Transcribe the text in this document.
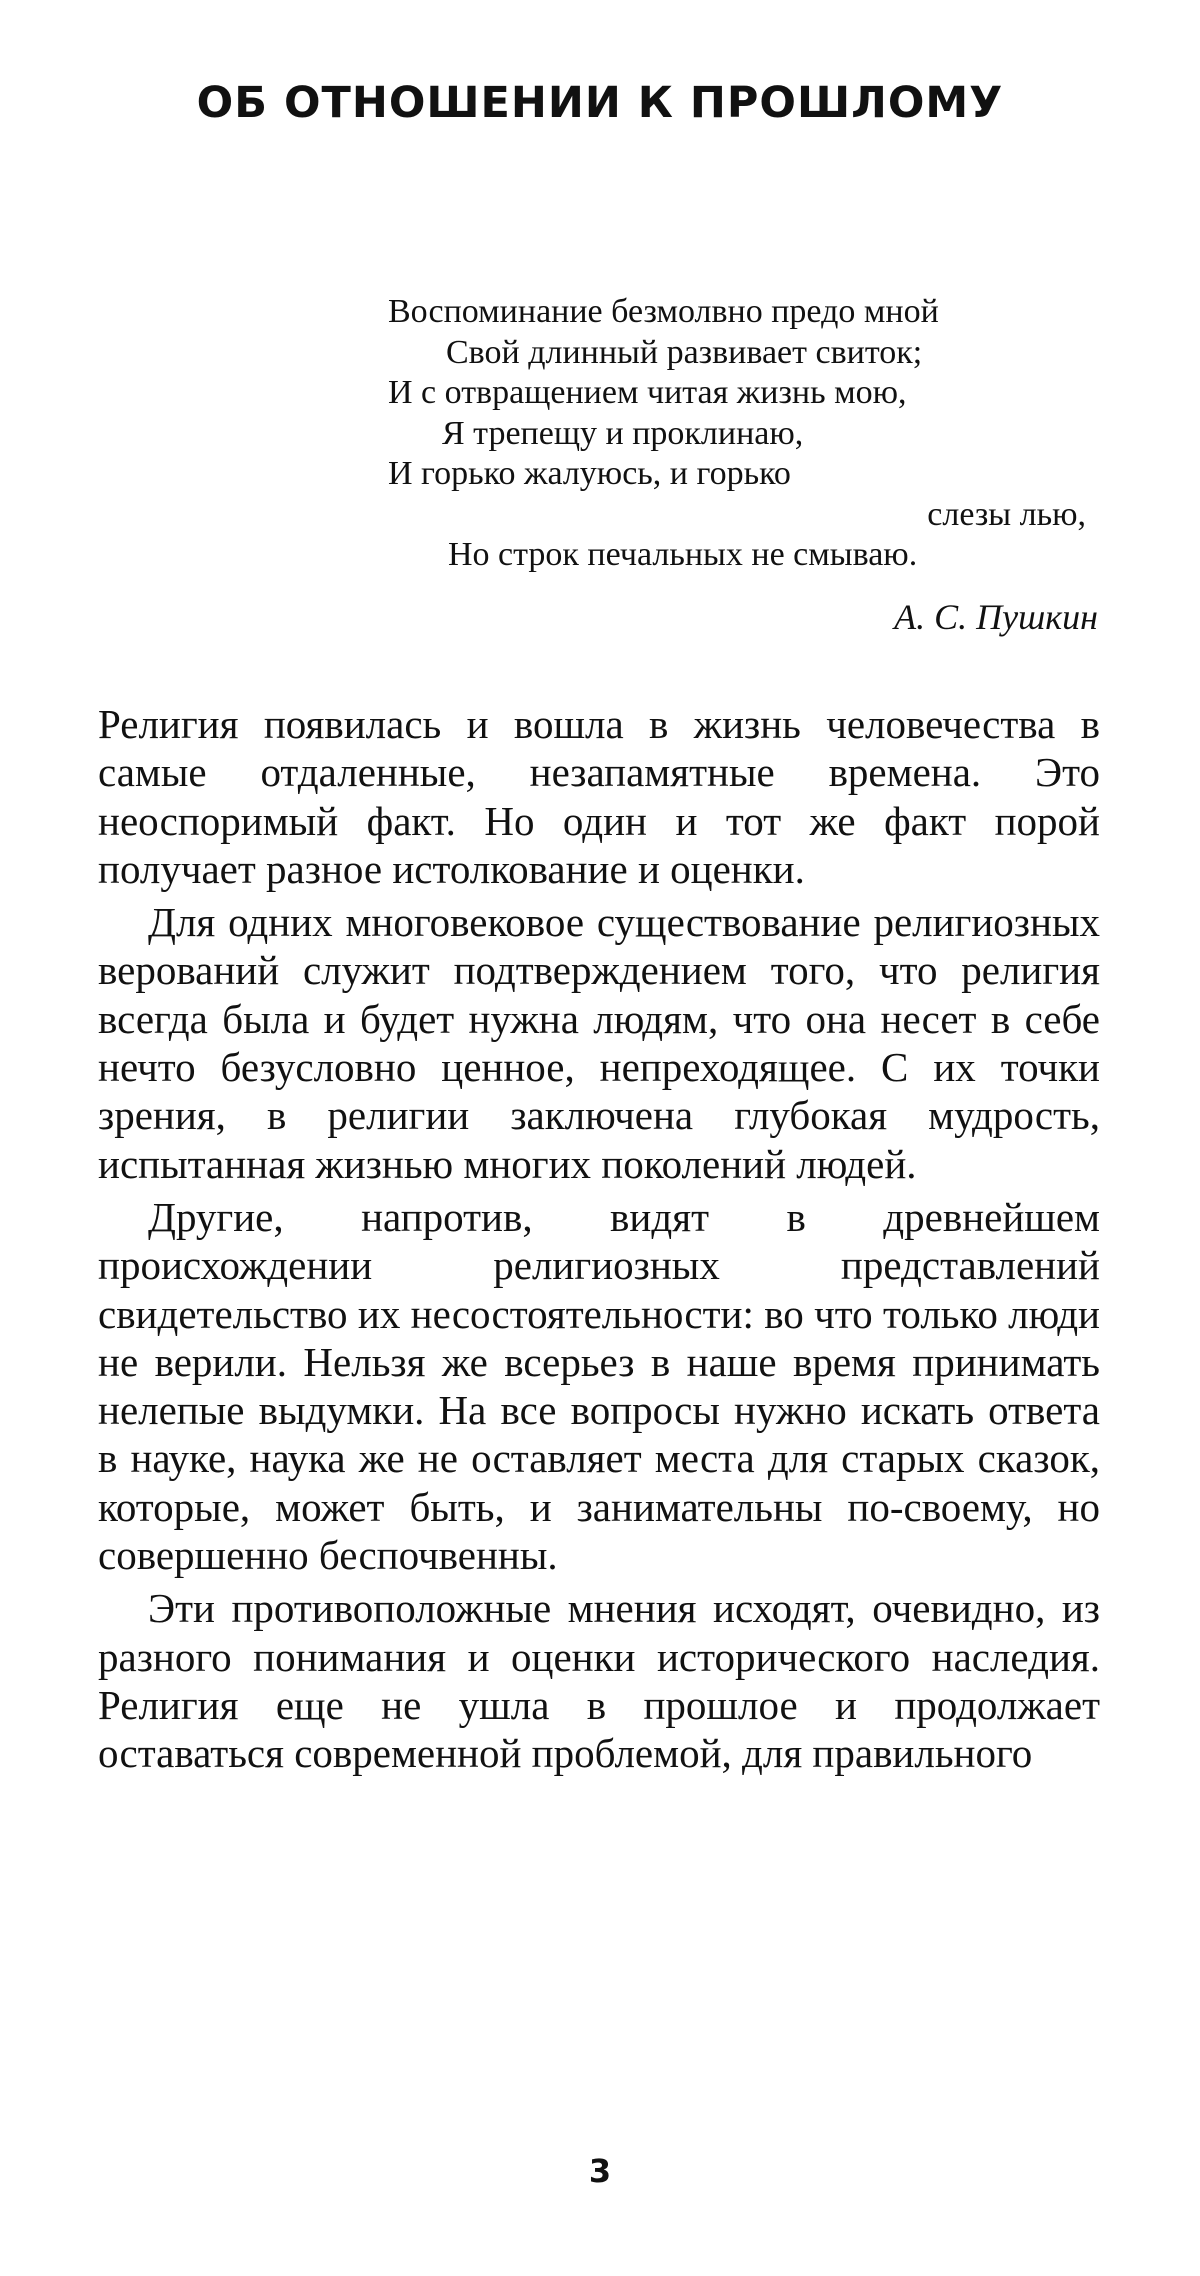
ОБ ОТНОШЕНИИ К ПРОШЛОМУ
Воспоминание безмолвно предо мной
Свой длинный развивает свиток;
И с отвращением читая жизнь мою,
Я трепещу и проклинаю,
И горько жалуюсь, и горько
слезы лью,
Но строк печальных не смываю.
А. С. Пушкин

Религия появилась и вошла в жизнь человечества в самые отдаленные, незапамятные времена. Это неоспоримый факт. Но один и тот же факт порой получает разное истолкование и оценки.

Для одних многовековое существование религиозных верований служит подтверждением того, что религия всегда была и будет нужна людям, что она несет в себе нечто безусловно ценное, непреходящее. С их точки зрения, в религии заключена глубокая мудрость, испытанная жизнью многих поколений людей.

Другие, напротив, видят в древнейшем происхождении религиозных представлений свидетельство их несостоятельности: во что только люди не верили. Нельзя же всерьез в наше время принимать нелепые выдумки. На все вопросы нужно искать ответа в науке, наука же не оставляет места для старых сказок, которые, может быть, и занимательны по-своему, но совершенно беспочвенны.

Эти противоположные мнения исходят, очевидно, из разного понимания и оценки исторического наследия. Религия еще не ушла в прошлое и продолжает оставаться современной проблемой, для правильного

3
